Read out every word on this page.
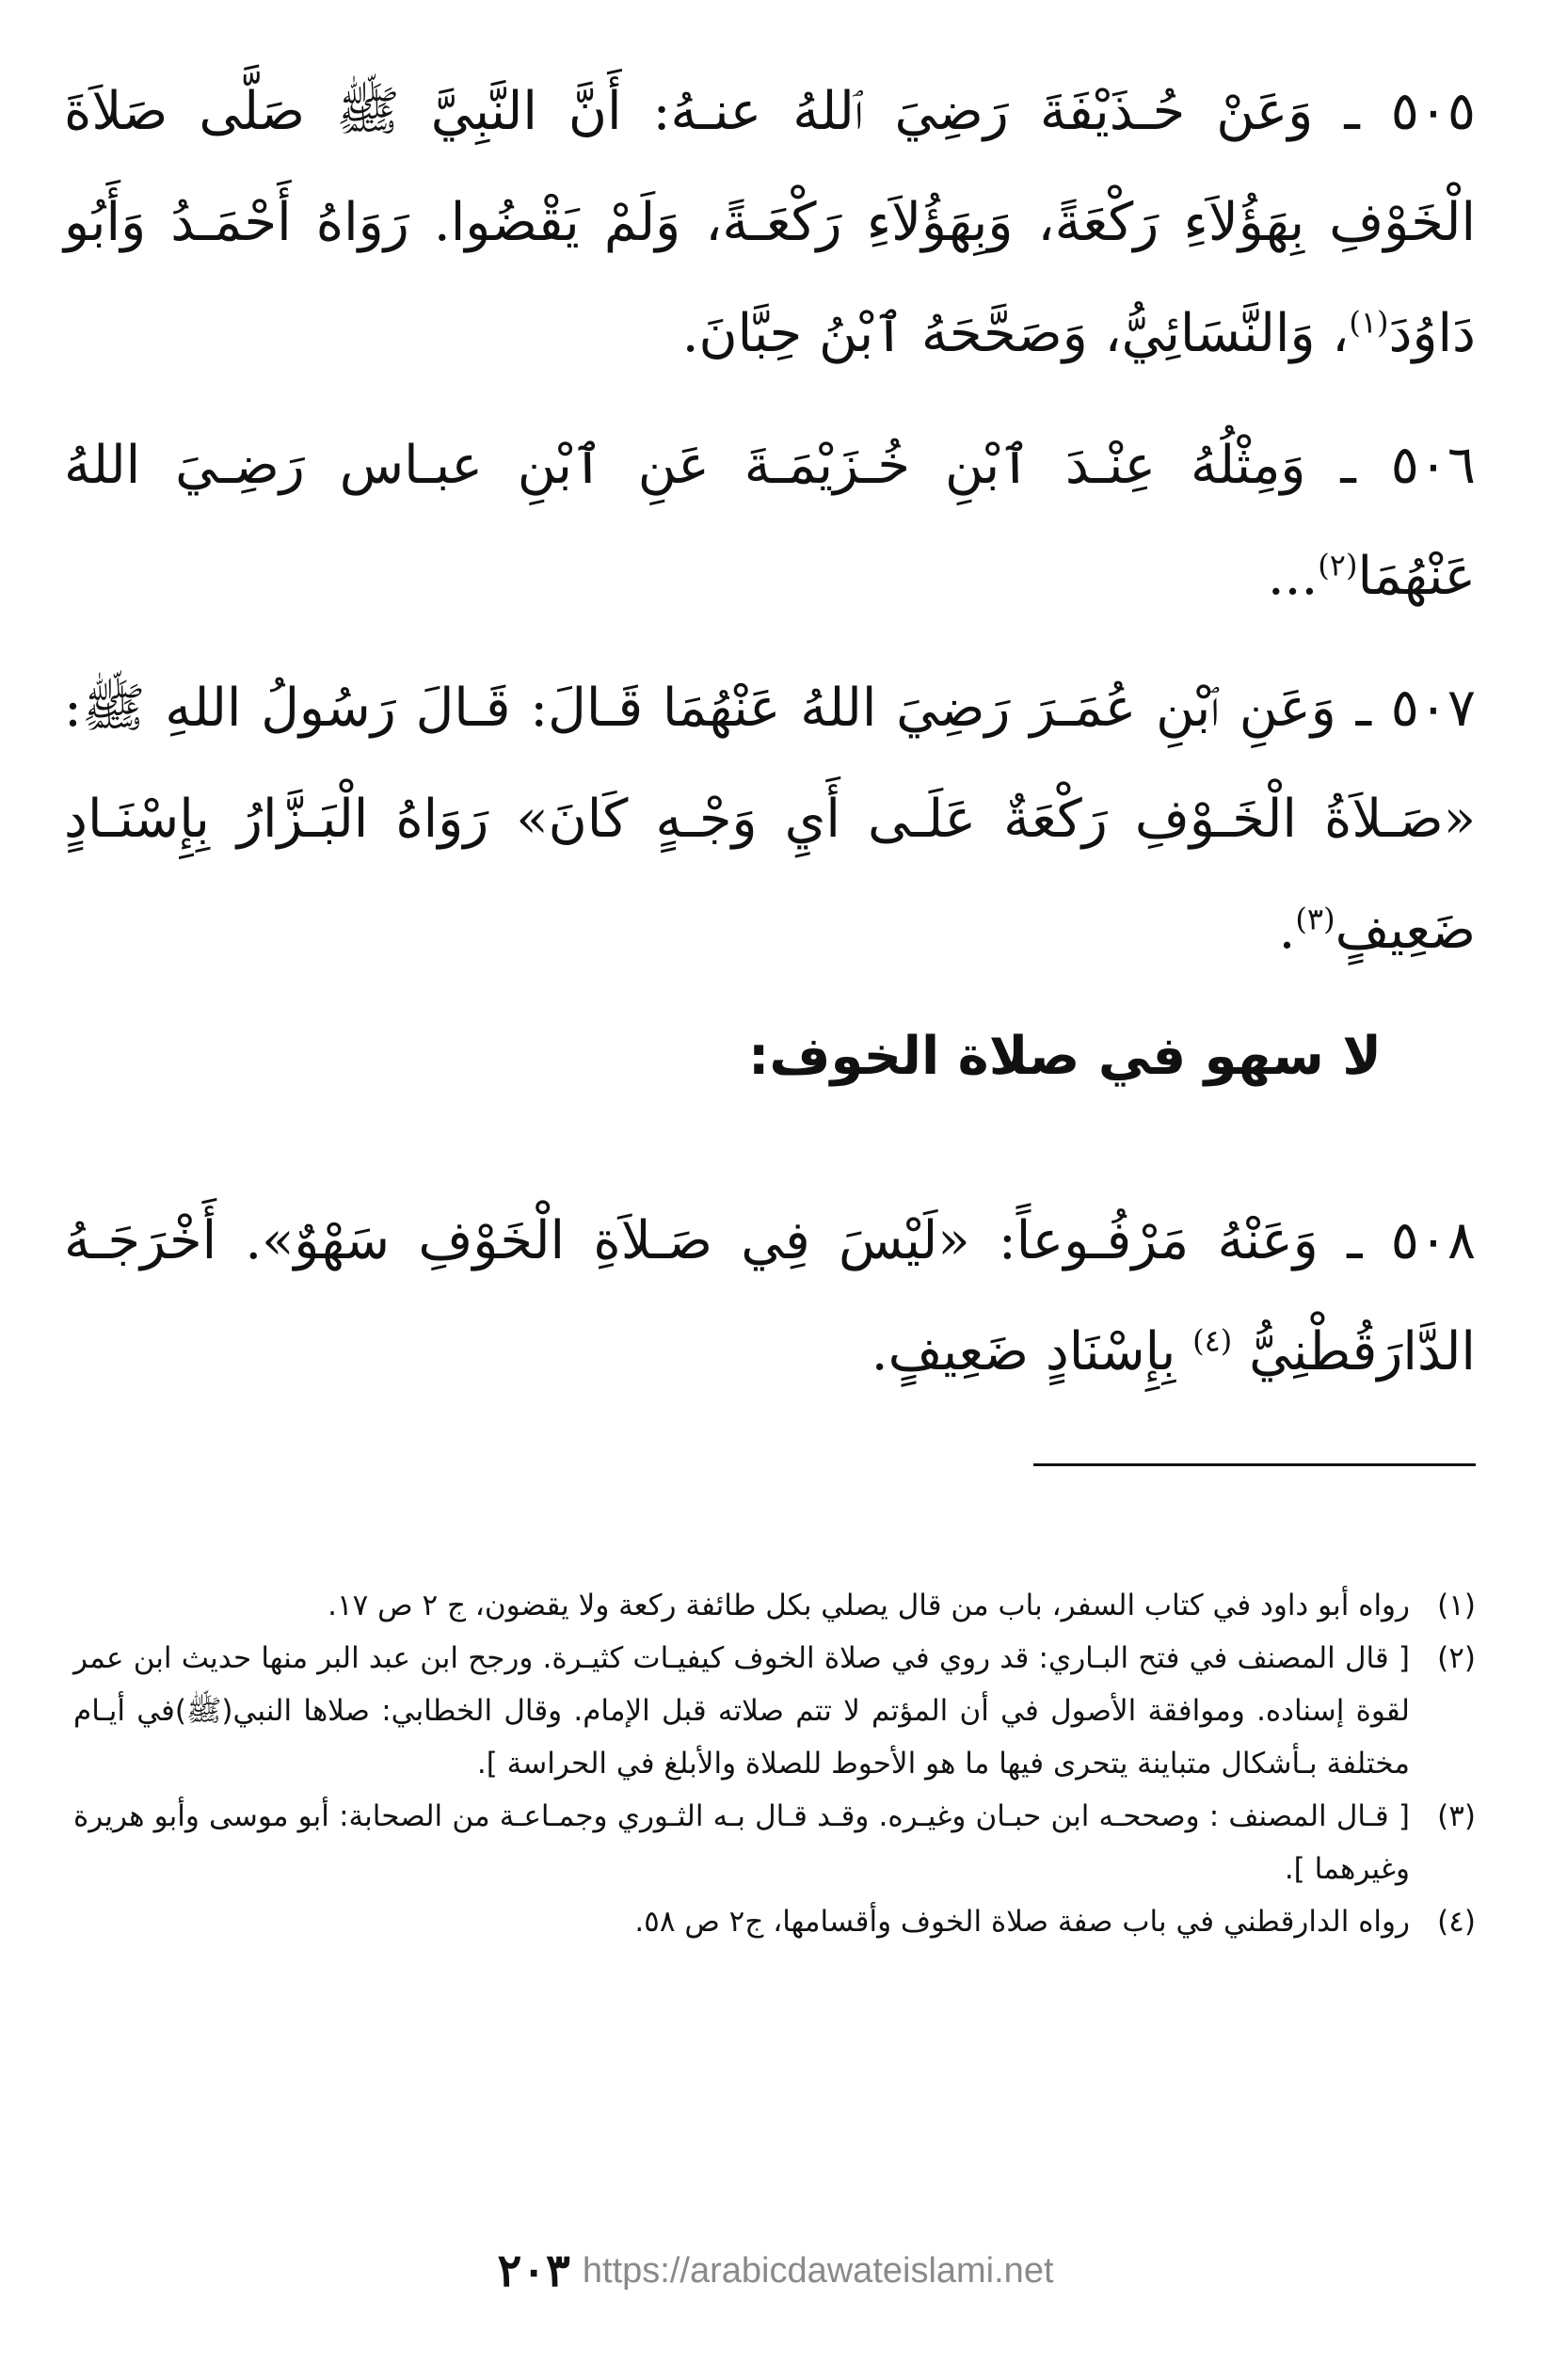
٥٠٥ ـ وَعَنْ حُـذَيْفَةَ رَضِيَ ٱللهُ عنـهُ: أَنَّ النَّبِيَّ ﷺ صَلَّى صَلاَةَ الْخَوْفِ بِهَؤُلاَءِ رَكْعَةً، وَبِهَؤُلاَءِ رَكْعَـةً، وَلَمْ يَقْضُوا. رَوَاهُ أَحْمَـدُ وَأَبُو دَاوُدَ$^{(١)}$، وَالنَّسَائِيُّ، وَصَحَّحَهُ ٱبْنُ حِبَّانَ.

٥٠٦ ـ وَمِثْلُهُ عِنْـدَ ٱبْنِ خُـزَيْمَـةَ عَنِ ٱبْنِ عبـاس رَضِـيَ اللهُ عَنْهُمَا$^{(٢)}$...

٥٠٧ ـ وَعَنِ ٱبْنِ عُمَـرَ رَضِيَ اللهُ عَنْهُمَا قَـالَ: قَـالَ رَسُولُ اللهِ ﷺ: «صَـلاَةُ الْخَـوْفِ رَكْعَةٌ عَلَـى أَيِ وَجْـهٍ كَانَ» رَوَاهُ الْبَـزَّارُ بِإِسْنَـادٍ ضَعِيفٍ$^{(٣)}$.

لا سهو في صلاة الخوف:

٥٠٨ ـ وَعَنْهُ مَرْفُـوعاً: «لَيْسَ فِي صَـلاَةِ الْخَوْفِ سَهْوٌ». أَخْرَجَـهُ الدَّارَقُطْنِيُّ $^{(٤)}$ بِإِسْنَادٍ ضَعِيفٍ.

(١)
رواه أبو داود في كتاب السفر، باب من قال يصلي بكل طائفة ركعة ولا يقضون، ج ٢ ص ١٧.
(٢)
[ قال المصنف في فتح البـاري: قد روي في صلاة الخوف كيفيـات كثيـرة. ورجح ابن عبد البر منها حديث ابن عمر لقوة إسناده. وموافقة الأصول في أن المؤتم لا تتم صلاته قبل الإمام. وقال الخطابي: صلاها النبي(ﷺ)في أيـام مختلفة بـأشكال متباينة يتحرى فيها ما هو الأحوط للصلاة والأبلغ في الحراسة ].
(٣)
[ قـال المصنف : وصححـه ابن حبـان وغيـره. وقـد قـال بـه الثـوري وجمـاعـة من الصحابة: أبو موسى وأبو هريرة وغيرهما ].
(٤)
رواه الدارقطني في باب صفة صلاة الخوف وأقسامها، ج٢ ص ٥٨.
٢٠٣ https://arabicdawateislami.net
